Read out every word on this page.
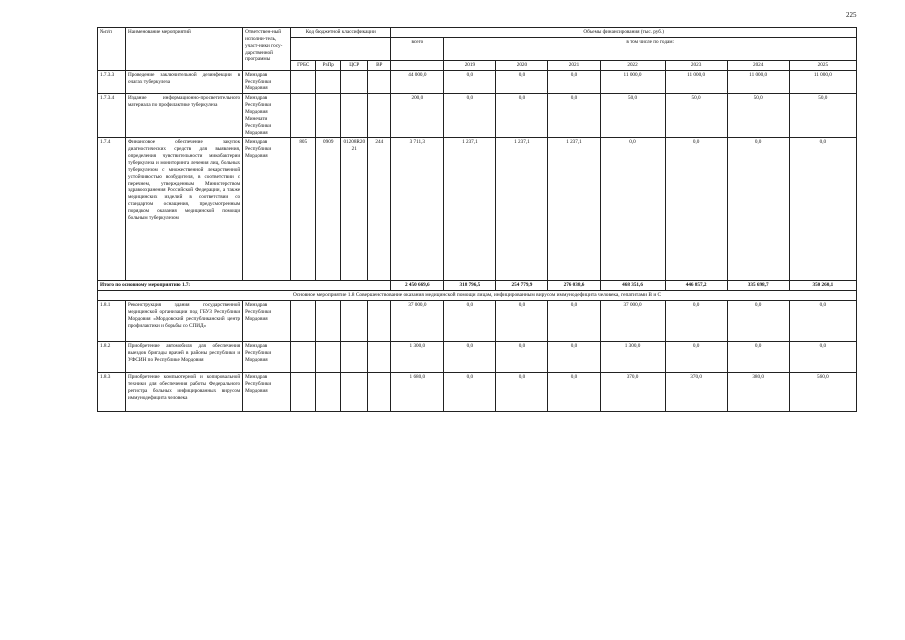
225
№п/п	Наименование мероприятий	Ответствен-ный исполни-тель, участ-ники госу-дарственной программы	Код бюджетной классификации				Объемы финансирования (тыс. руб.)							
							всего	в том числе по годам:						
			ГРБС	РзПр	ЦСР	ВР		2019	2020	2021	2022	2023	2024	2025
1.7.3.3	Проведение заключительной дезинфекции в очагах туберкулеза	Минздрав Республики Мордовия					44 000,0	0,0	0,0	0,0	11 000,0	11 000,0	11 000,0	11 000,0
1.7.3.4	Издание информационно-просветительного материала по профилактике туберкулеза	Минздрав Республики Мордовия Минечати Республики Мордовия					200,0	0,0	0,0	0,0	50,0	50,0	50,0	50,0
1.7.4	Финансовое обеспечение закупок диагностических средств для выявления, определения чувствительности микобактерии туберкулеза и мониторинга лечения лиц, больных туберкулезом с множественной лекарственной устойчивостью возбудителя, в соответствии с перечнем, утвержденным Министерством здравоохранения Российской Федерации, а также медицинских изделий в соответствии со стандартом оснащения, предусмотренным порядком оказания медицинской помощи больным туберкулезом	Минздрав Республики Мордовия	805	0909	01208R20 21	244	3 711,3	1 237,1	1 237,1	1 237,1	0,0	0,0	0,0	0,0
Итого по основному мероприятию 1.7:							2 450 669,6	318 796,5	254 779,9	276 038,6	468 351,6	446 857,2	335 698,7	350 260,1
Основное мероприятие 1.8 Совершенствование оказания медицинской помощи лицам, инфицированным вирусом иммунодефицита человека, гепатитами B и C														
1.8.1	Реконструкция здания государственной медицинской организации под ГБУЗ Республики Мордовия «Мордовский республиканский центр профилактики и борьбы со СПИД»	Минздрав Республики Мордовия					37 000,0	0,0	0,0	0,0	37 000,0	0,0	0,0	0,0
1.8.2	Приобретение автомобиля для обеспечения выездов бригады врачей в районы республики и УФСИН по Республике Мордовия	Минздрав Республики Мордовия					1 300,0	0,0	0,0	0,0	1 300,0	0,0	0,0	0,0
1.8.3	Приобретение компьютерной и копировальной техники для обеспечения работы Федерального регистра больных инфицированных вирусом иммунодефицита человека	Минздрав Республики Мордовия					1 680,0	0,0	0,0	0,0	370,0	370,0	380,0	560,0
